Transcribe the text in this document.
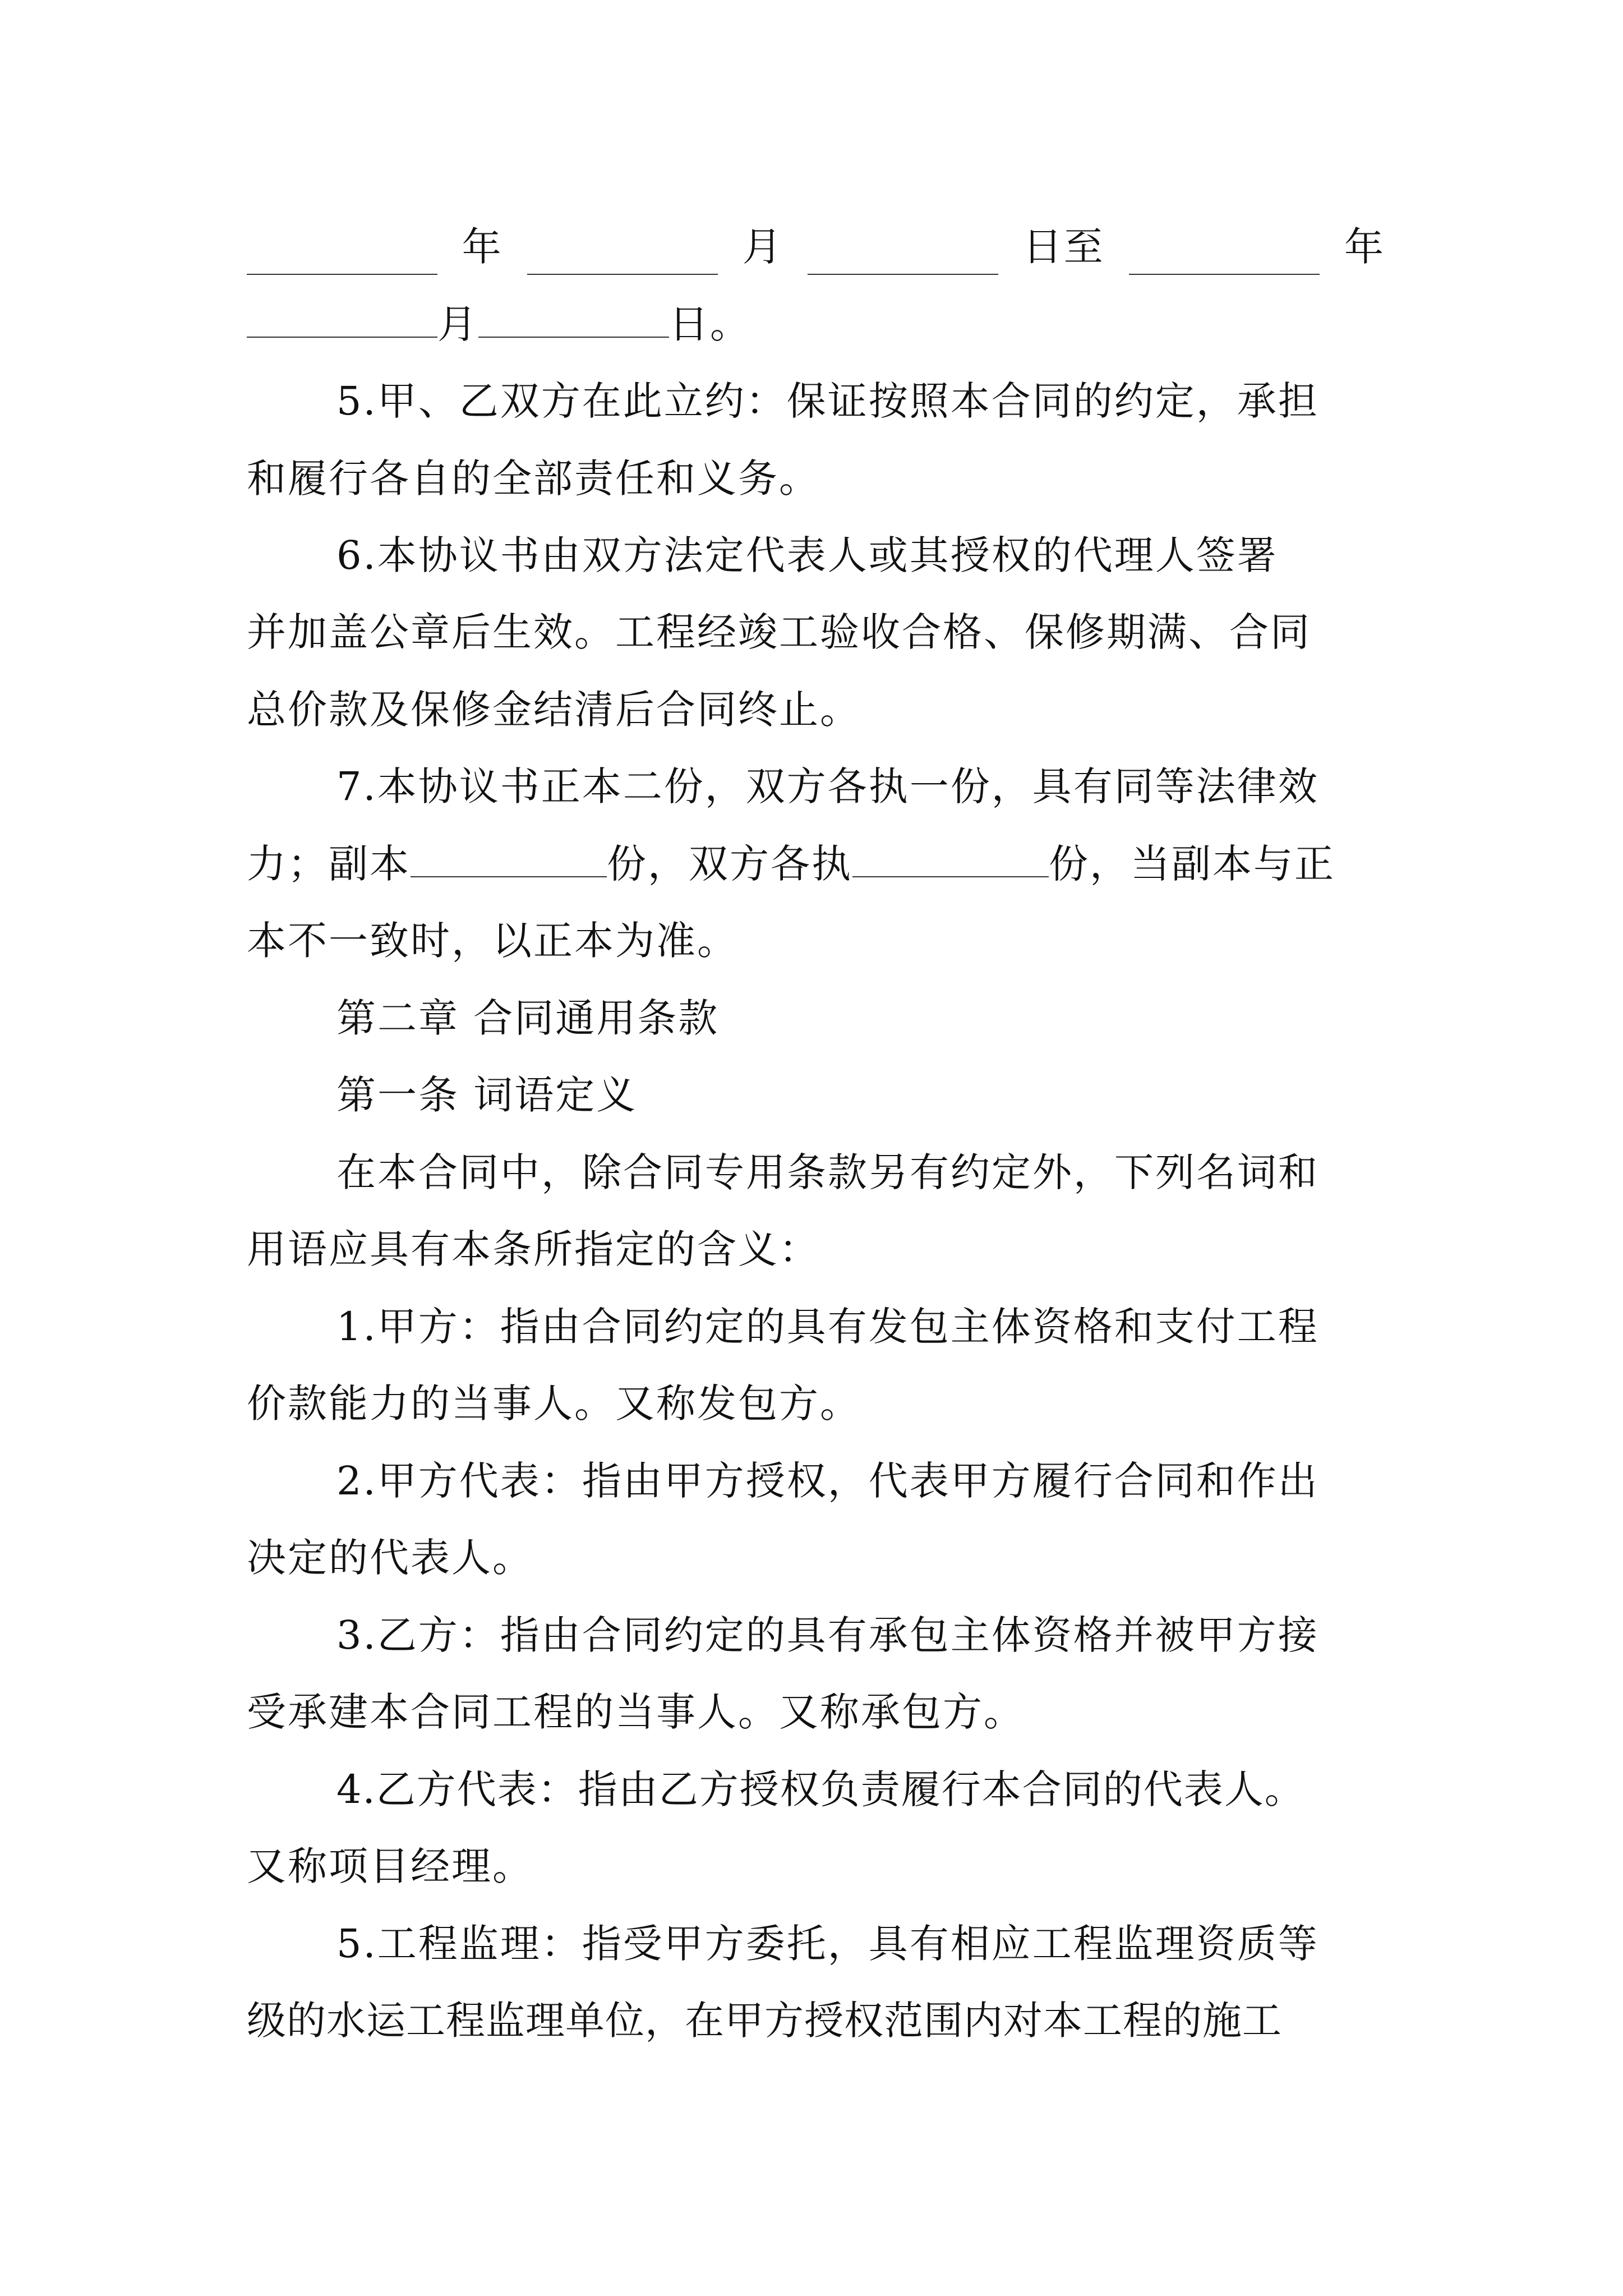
年	月	日至	年
月	日。
5.甲、乙双方在此立约：保证按照本合同的约定，承担
和履行各自的全部责任和义务。
6.本协议书由双方法定代表人或其授权的代理人签署
并加盖公章后生效。工程经竣工验收合格、保修期满、合同
总价款及保修金结清后合同终止。
7.本协议书正本二份，双方各执一份，具有同等法律效
力；副本	份，双方各执	份，当副本与正
本不一致时，以正本为准。
第二章 合同通用条款
第一条 词语定义
在本合同中，除合同专用条款另有约定外，下列名词和
用语应具有本条所指定的含义：
1.甲方：指由合同约定的具有发包主体资格和支付工程
价款能力的当事人。又称发包方。
2.甲方代表：指由甲方授权，代表甲方履行合同和作出
决定的代表人。
3.乙方：指由合同约定的具有承包主体资格并被甲方接
受承建本合同工程的当事人。又称承包方。
4.乙方代表：指由乙方授权负责履行本合同的代表人。
又称项目经理。
5.工程监理：指受甲方委托，具有相应工程监理资质等
级的水运工程监理单位，在甲方授权范围内对本工程的施工
